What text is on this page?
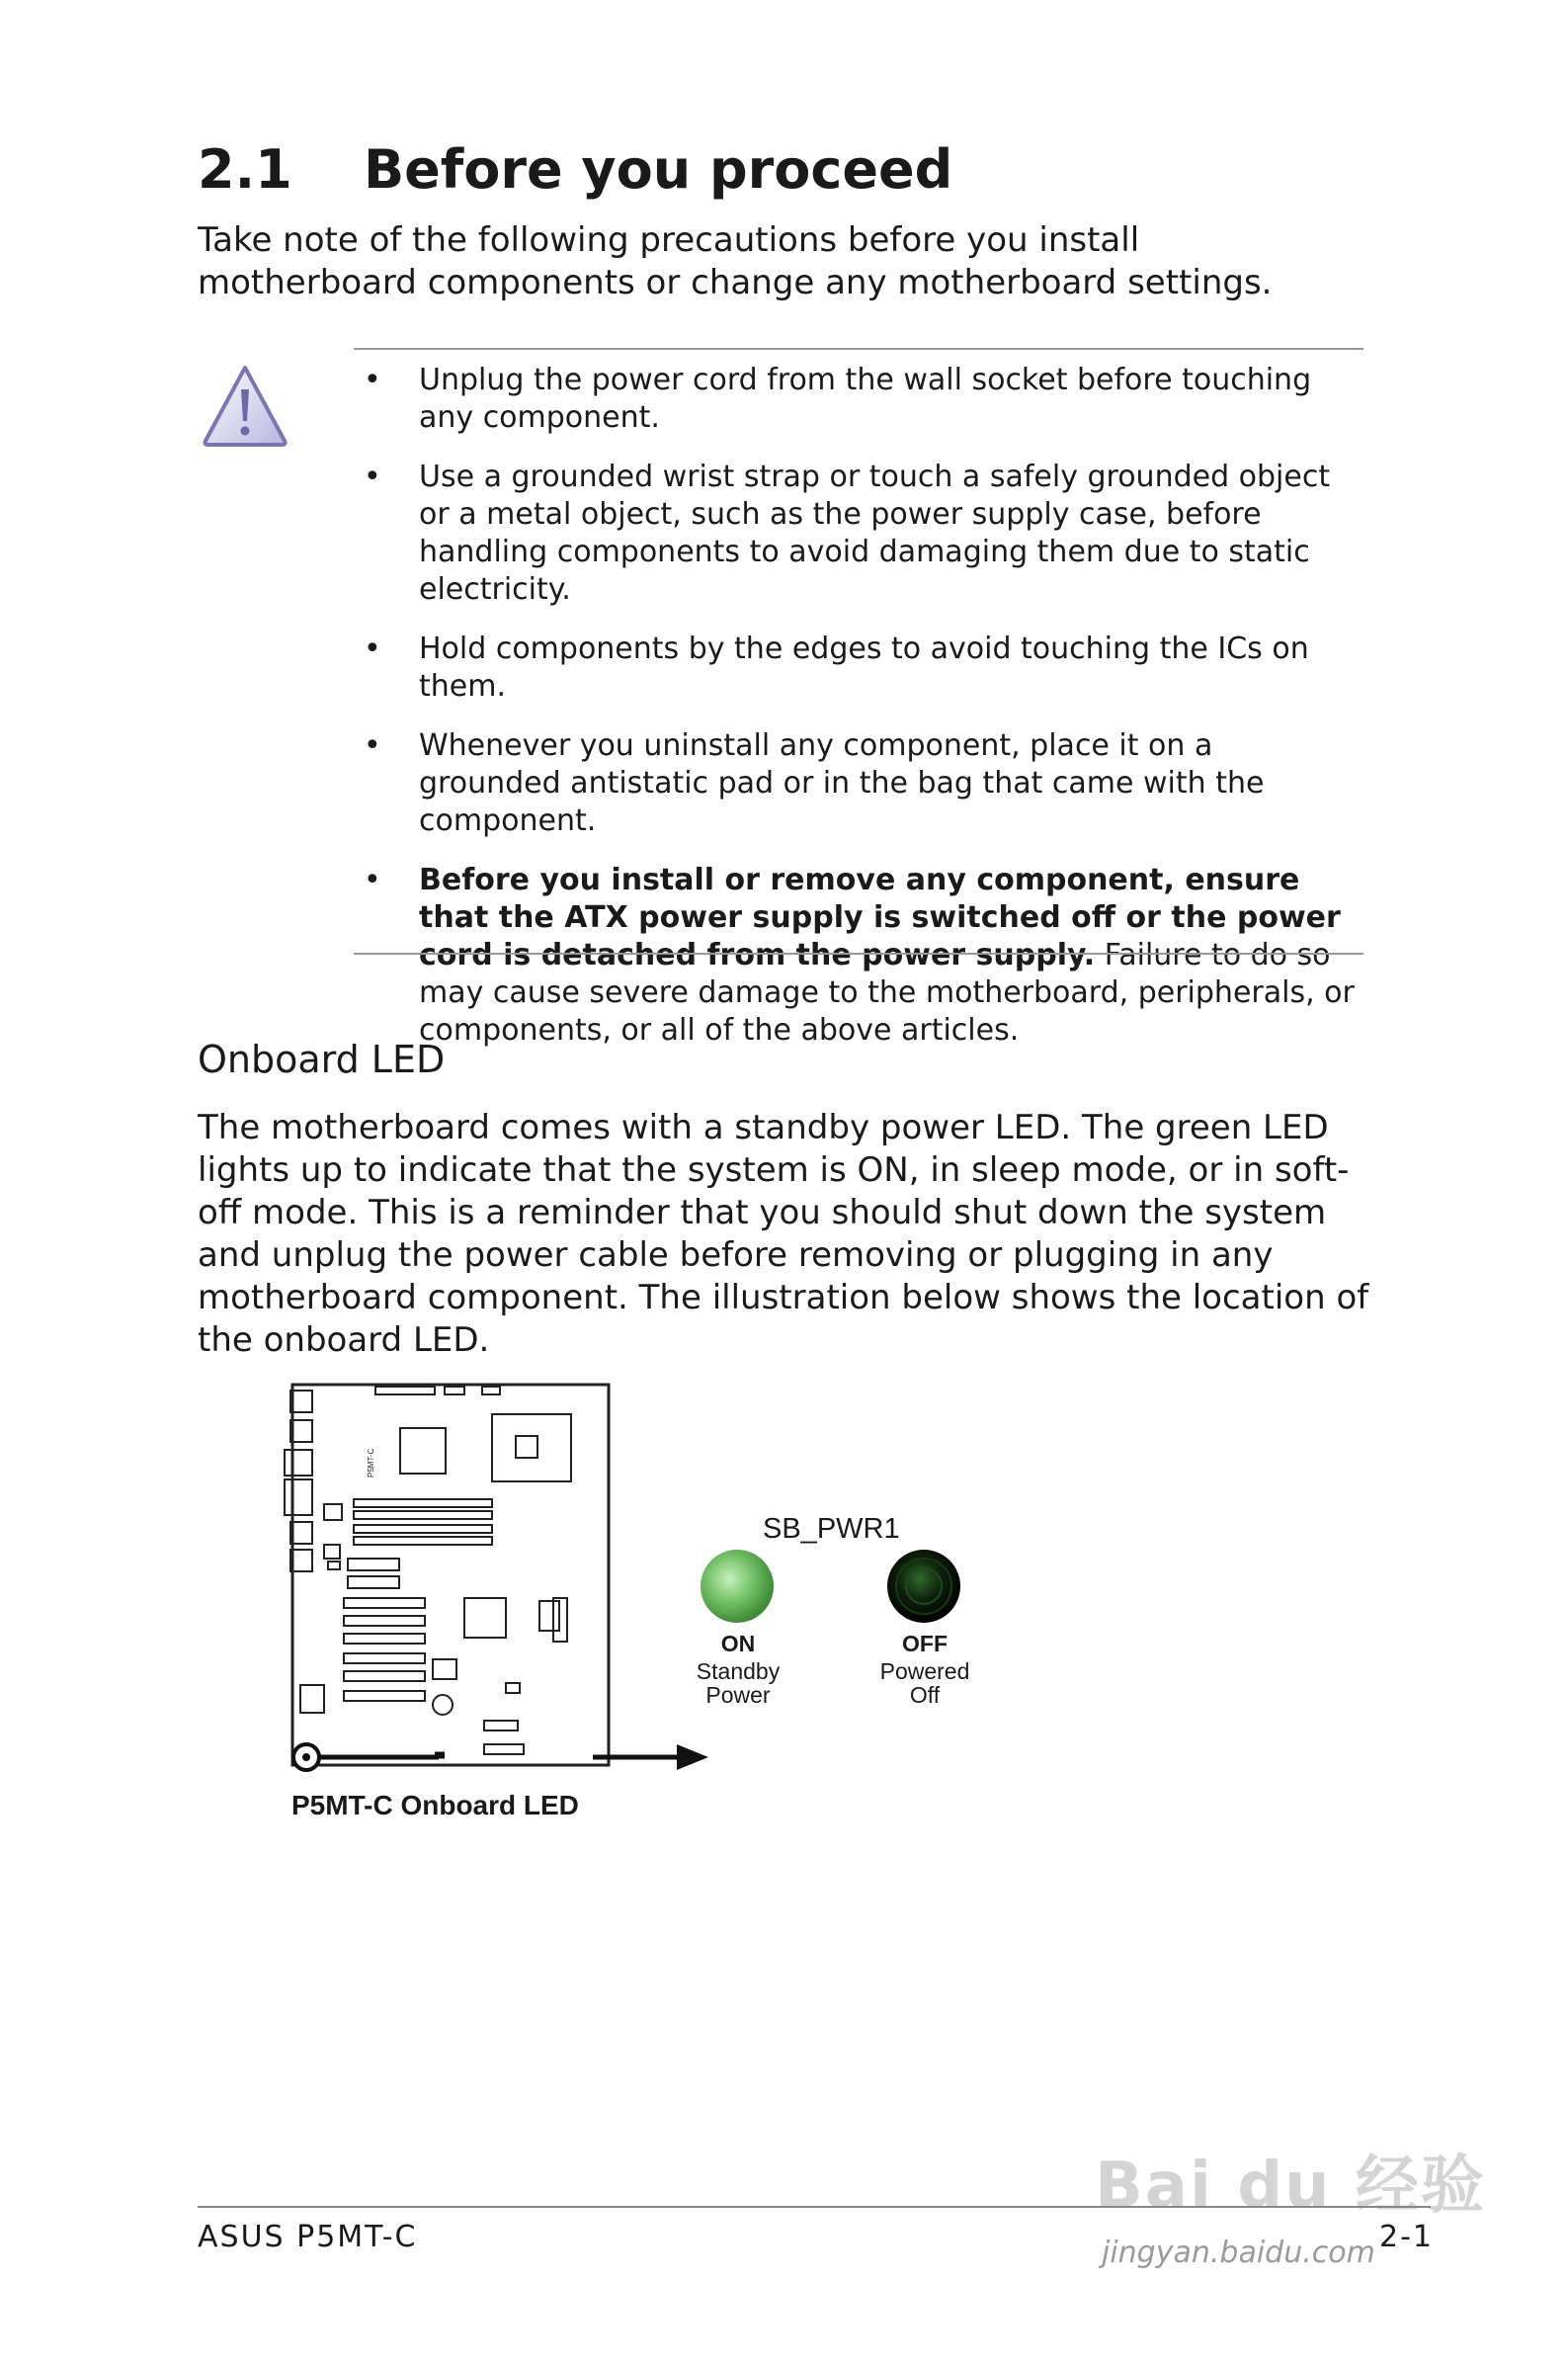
2.1 Before you proceed
Take note of the following precautions before you install motherboard components or change any motherboard settings.
• Unplug the power cord from the wall socket before touching any component.
• Use a grounded wrist strap or touch a safely grounded object or a metal object, such as the power supply case, before handling components to avoid damaging them due to static electricity.
• Hold components by the edges to avoid touching the ICs on them.
• Whenever you uninstall any component, place it on a grounded antistatic pad or in the bag that came with the component.
• Before you install or remove any component, ensure that the ATX power supply is switched off or the power cord is detached from the power supply. Failure to do so may cause severe damage to the motherboard, peripherals, or components, or all of the above articles.
Onboard LED
The motherboard comes with a standby power LED. The green LED lights up to indicate that the system is ON, in sleep mode, or in soft-off mode. This is a reminder that you should shut down the system and unplug the power cable before removing or plugging in any motherboard component. The illustration below shows the location of the onboard LED.
P5MT-C
SB_PWR1
ON
Standby
Power
OFF
Powered
Off
P5MT-C Onboard LED
Bai du 经验
jingyan.baidu.com
ASUS P5MT-C	2-1
